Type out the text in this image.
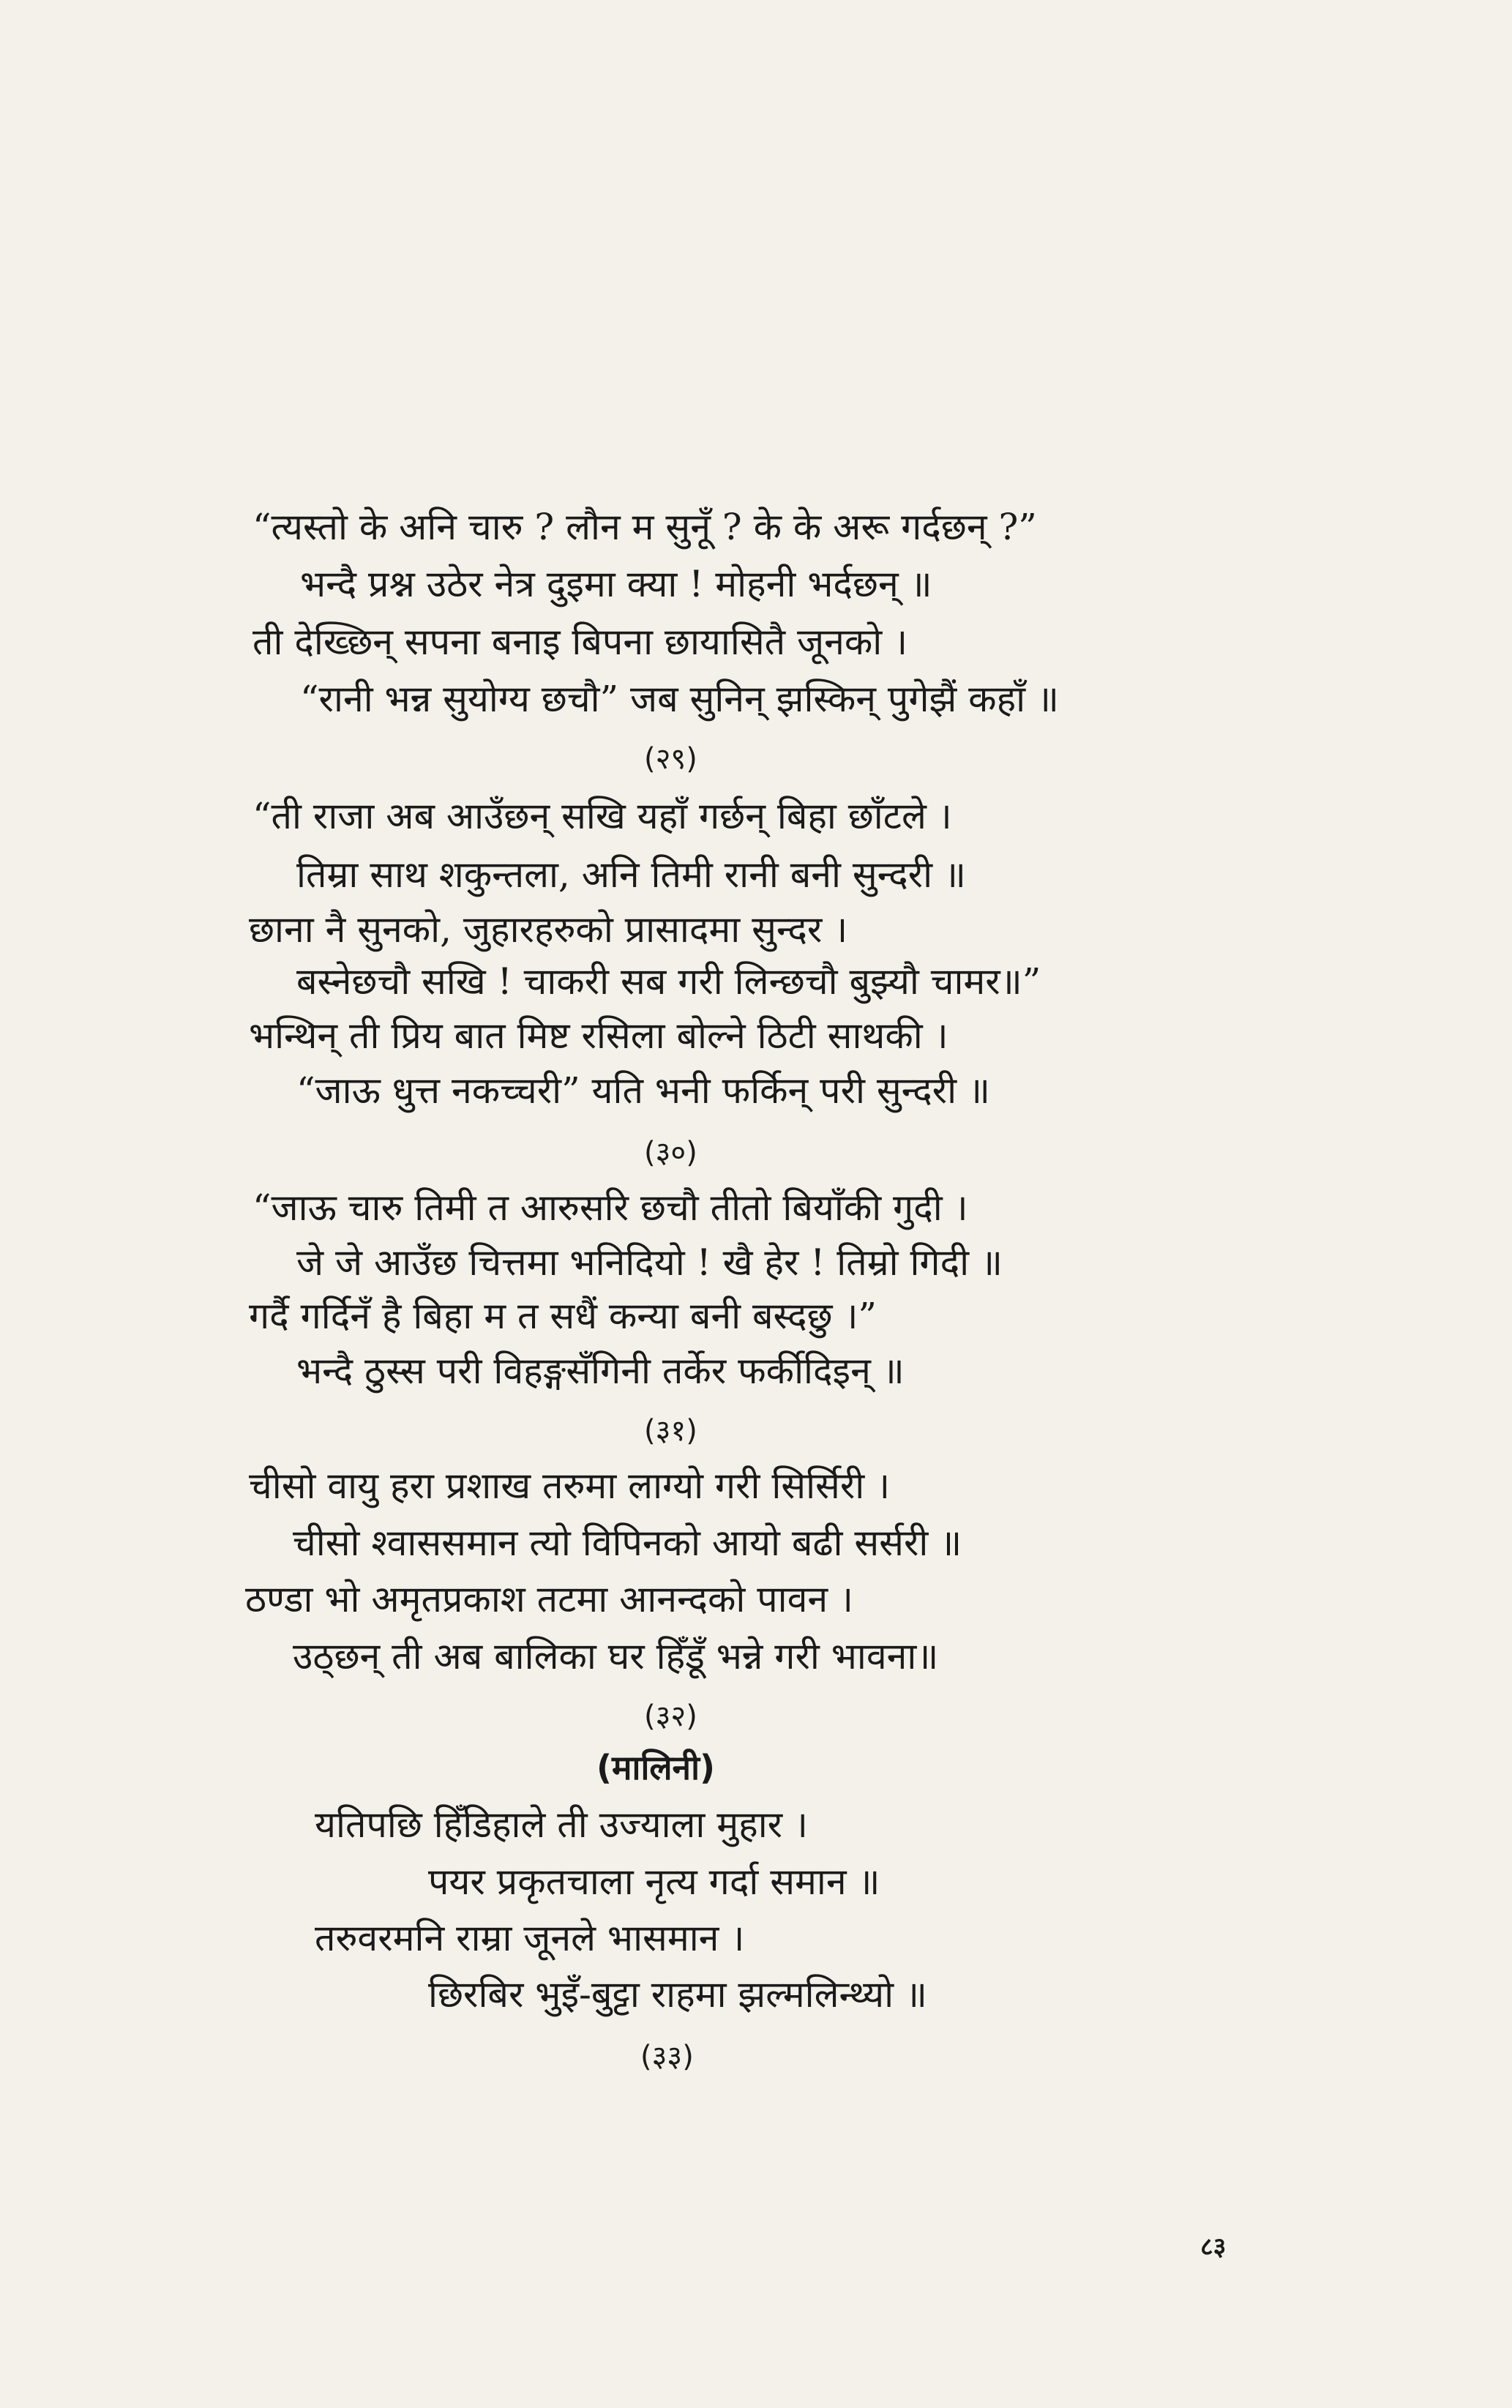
“त्यस्तो के अनि चारु ? लौन म सुनूँ ? के के अरू गर्दछन् ?”
भन्दै प्रश्न उठेर नेत्र दुइमा क्या ! मोहनी भर्दछन् ॥
ती देख्छिन् सपना बनाइ बिपना छायासितै जूनको ।
“रानी भन्न सुयोग्य छचौ” जब सुनिन् झस्किन् पुगेझैं कहाँ ॥
(२९)
“ती राजा अब आउँछन् सखि यहाँ गर्छन् बिहा छाँटले ।
तिम्रा साथ शकुन्तला, अनि तिमी रानी बनी सुन्दरी ॥
छाना नै सुनको, जुहारहरुको प्रासादमा सुन्दर ।
बस्नेछचौ सखि ! चाकरी सब गरी लिन्छचौ बुझ्यौ चामर॥”
भन्थिन् ती प्रिय बात मिष्ट रसिला बोल्ने ठिटी साथकी ।
“जाऊ धुत्त नकच्चरी” यति भनी फर्किन् परी सुन्दरी ॥
(३०)
“जाऊ चारु तिमी त आरुसरि छचौ तीतो बियाँकी गुदी ।
जे जे आउँछ चित्तमा भनिदियो ! खै हेर ! तिम्रो गिदी ॥
गर्दै गर्दिनँ है बिहा म त सधैं कन्या बनी बस्दछु ।”
भन्दै ठुस्स परी विहङ्गसँगिनी तर्केर फर्कीदिइन् ॥
(३१)
चीसो वायु हरा प्रशाख तरुमा लाग्यो गरी सिर्सिरी ।
चीसो श्वाससमान त्यो विपिनको आयो बढी सर्सरी ॥
ठण्डा भो अमृतप्रकाश तटमा आनन्दको पावन ।
उठ्छन् ती अब बालिका घर हिँडूँ भन्ने गरी भावना॥
(३२)
(मालिनी)
यतिपछि हिँडिहाले ती उज्याला मुहार ।
पयर प्रकृतचाला नृत्य गर्दा समान ॥
तरुवरमनि राम्रा जूनले भासमान ।
छिरबिर भुइँ-बुट्टा राहमा झल्मलिन्थ्यो ॥
(३३)
८३
